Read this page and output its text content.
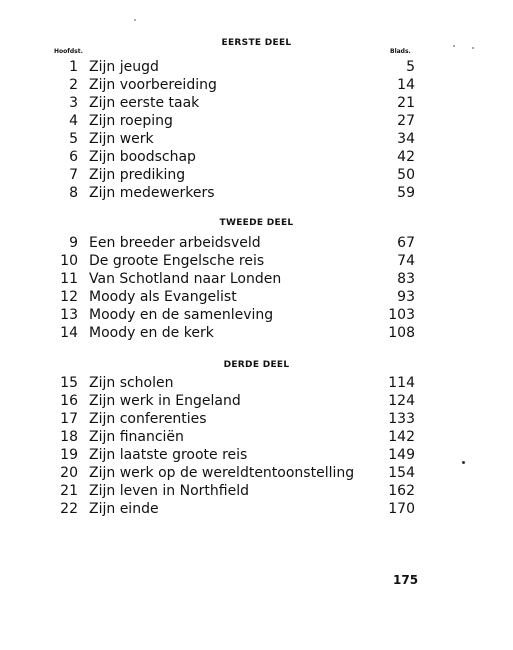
EERSTE DEEL
Hoofdst.	Blads.
1 Zijn jeugd	5
2 Zijn voorbereiding	14
3 Zijn eerste taak	21
4 Zijn roeping	27
5 Zijn werk	34
6 Zijn boodschap	42
7 Zijn prediking	50
8 Zijn medewerkers	59
TWEEDE DEEL
9 Een breeder arbeidsveld	67
10 De groote Engelsche reis	74
11 Van Schotland naar Londen	83
12 Moody als Evangelist	93
13 Moody en de samenleving	103
14 Moody en de kerk	108
DERDE DEEL
15 Zijn scholen	114
16 Zijn werk in Engeland	124
17 Zijn conferenties	133
18 Zijn financiën	142
19 Zijn laatste groote reis	149
20 Zijn werk op de wereldtentoonstelling 154
21 Zijn leven in Northfield	162
22 Zijn einde	170
175
